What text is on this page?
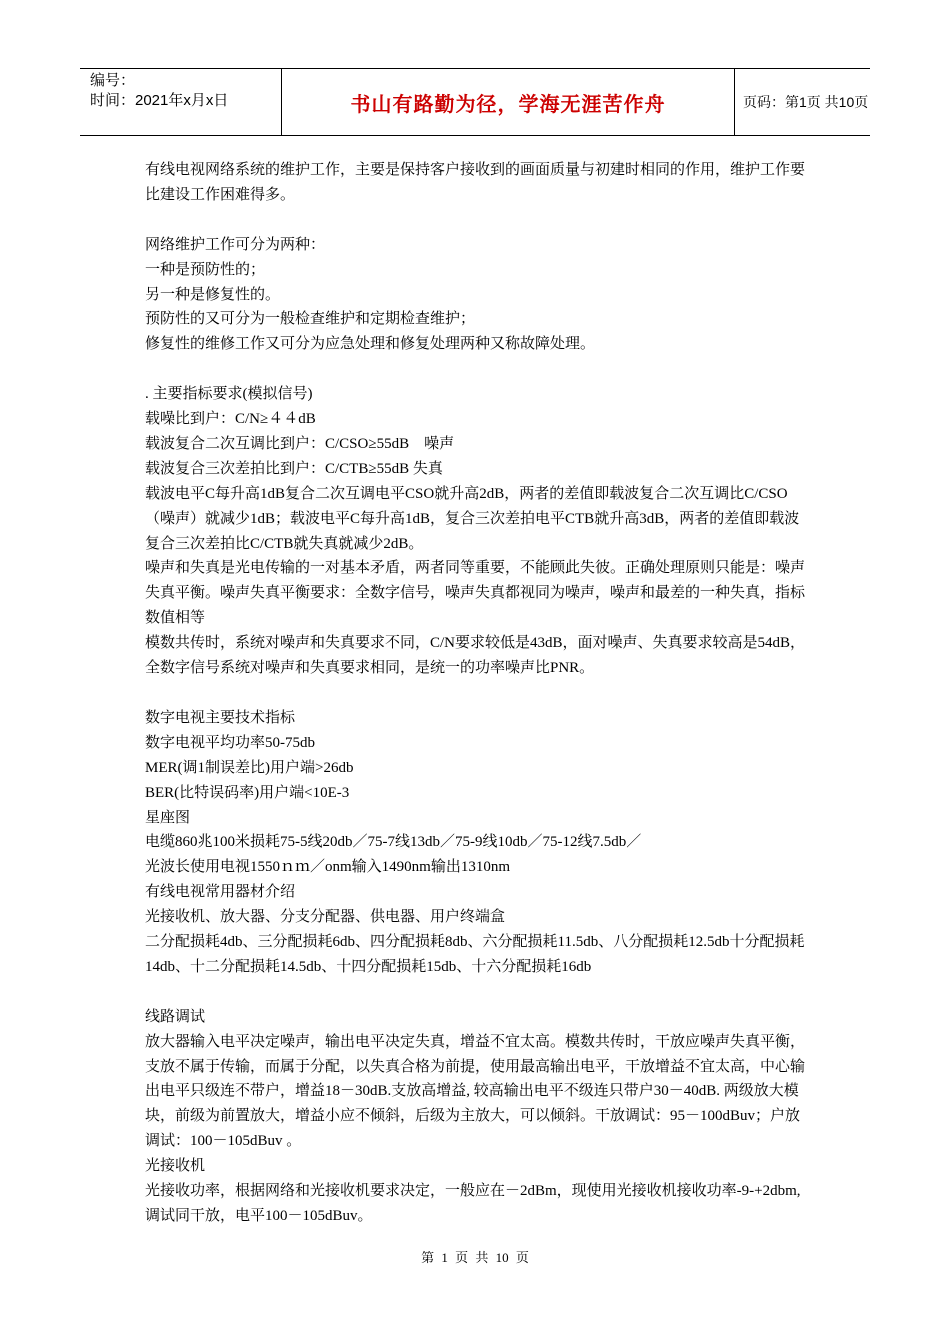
编号：
时间：2021年x月x日	书山有路勤为径，学海无涯苦作舟	页码：第1页 共10页

有线电视网络系统的维护工作，主要是保持客户接收到的画面质量与初建时相同的作用，维护工作要比建设工作困难得多。

网络维护工作可分为两种：

一种是预防性的；

另一种是修复性的。

预防性的又可分为一般检查维护和定期检查维护；

修复性的维修工作又可分为应急处理和修复处理两种又称故障处理。

. 主要指标要求(模拟信号)

载噪比到户：C/N≥４４dB

载波复合二次互调比到户：C/CSO≥55dB　噪声

载波复合三次差拍比到户：C/CTB≥55dB 失真

载波电平C每升高1dB复合二次互调电平CSO就升高2dB，两者的差值即载波复合二次互调比C/CSO（噪声）就减少1dB；载波电平C每升高1dB，复合三次差拍电平CTB就升高3dB，两者的差值即载波复合三次差拍比C/CTB就失真就减少2dB。

噪声和失真是光电传输的一对基本矛盾，两者同等重要，不能顾此失彼。正确处理原则只能是：噪声失真平衡。噪声失真平衡要求：全数字信号，噪声失真都视同为噪声，噪声和最差的一种失真，指标数值相等

模数共传时，系统对噪声和失真要求不同，C/N要求较低是43dB，面对噪声、失真要求较高是54dB，全数字信号系统对噪声和失真要求相同，是统一的功率噪声比PNR。

数字电视主要技术指标

数字电视平均功率50-75db

MER(调1制误差比)用户端>26db

BER(比特误码率)用户端<10E-3

星座图

电缆860兆100米损耗75-5线20db／75-7线13db／75-9线10db／75-12线7.5db／

光波长使用电视1550ｎｍ／onm输入1490nm输出1310nm

有线电视常用器材介绍

光接收机、放大器、分支分配器、供电器、用户终端盒

二分配损耗4db、三分配损耗6db、四分配损耗8db、六分配损耗11.5db、八分配损耗12.5db十分配损耗14db、十二分配损耗14.5db、十四分配损耗15db、十六分配损耗16db

线路调试

放大器输入电平决定噪声，输出电平决定失真，增益不宜太高。模数共传时，干放应噪声失真平衡，支放不属于传输，而属于分配，以失真合格为前提，使用最高输出电平，干放增益不宜太高，中心输出电平只级连不带户，增益18－30dB.支放高增益, 较高输出电平不级连只带户30－40dB. 两级放大模块，前级为前置放大，增益小应不倾斜，后级为主放大，可以倾斜。干放调试：95－100dBuv；户放调试：100－105dBuv 。

光接收机

光接收功率，根据网络和光接收机要求决定，一般应在－2dBm，现使用光接收机接收功率-9-+2dbm,调试同干放，电平100－105dBuv。

第 1 页 共 10 页
